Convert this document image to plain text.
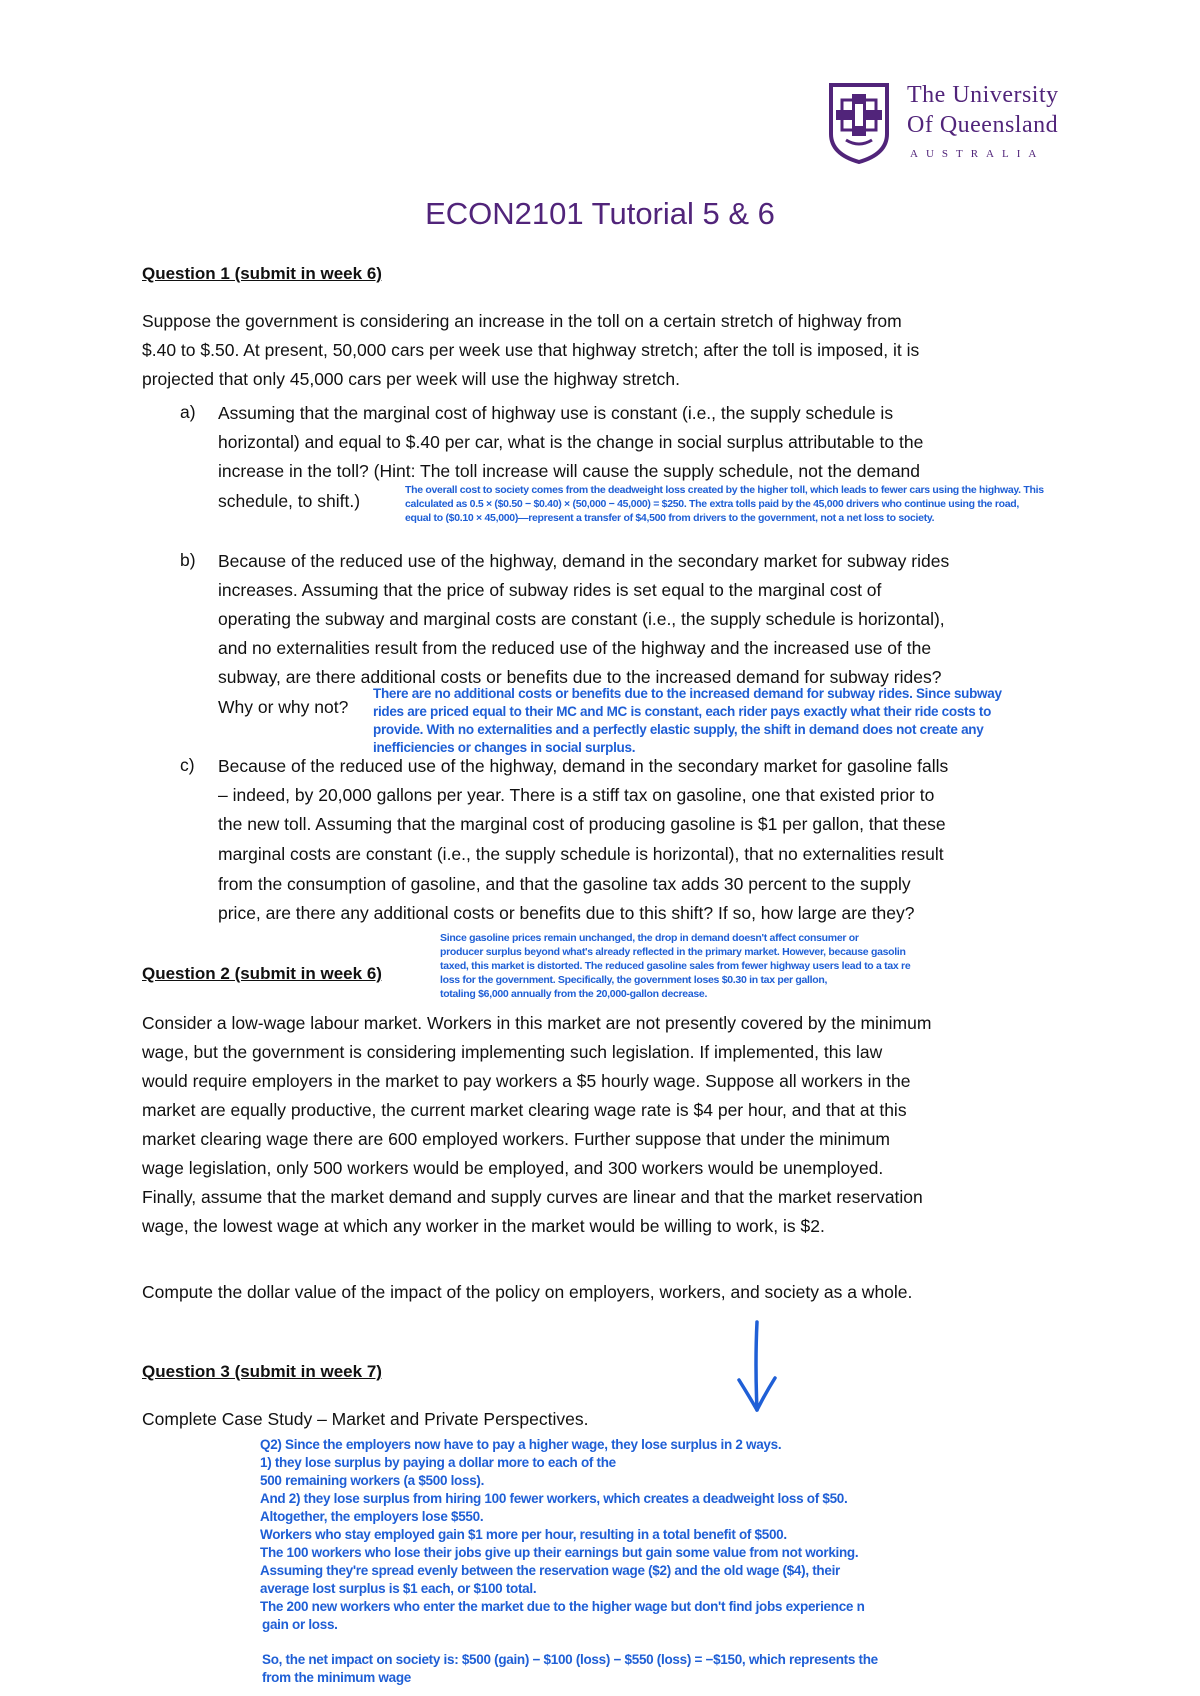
The University
Of Queensland
AUSTRALIA
ECON2101 Tutorial 5 & 6
Question 1 (submit in week 6)
Suppose the government is considering an increase in the toll on a certain stretch of highway from
$.40 to $.50. At present, 50,000 cars per week use that highway stretch; after the toll is imposed, it is
projected that only 45,000 cars per week will use the highway stretch.
a) Assuming that the marginal cost of highway use is constant (i.e., the supply schedule is
horizontal) and equal to $.40 per car, what is the change in social surplus attributable to the
increase in the toll? (Hint: The toll increase will cause the supply schedule, not the demand
schedule, to shift.)
The overall cost to society comes from the deadweight loss created by the higher toll, which leads to fewer cars using the highway. This
calculated as 0.5 × ($0.50 − $0.40) × (50,000 − 45,000) = $250. The extra tolls paid by the 45,000 drivers who continue using the road,
equal to ($0.10 × 45,000)—represent a transfer of $4,500 from drivers to the government, not a net loss to society.
b) Because of the reduced use of the highway, demand in the secondary market for subway rides
increases. Assuming that the price of subway rides is set equal to the marginal cost of
operating the subway and marginal costs are constant (i.e., the supply schedule is horizontal),
and no externalities result from the reduced use of the highway and the increased use of the
subway, are there additional costs or benefits due to the increased demand for subway rides?
Why or why not?
There are no additional costs or benefits due to the increased demand for subway rides. Since subway
rides are priced equal to their MC and MC is constant, each rider pays exactly what their ride costs to
provide. With no externalities and a perfectly elastic supply, the shift in demand does not create any
inefficiencies or changes in social surplus.
c) Because of the reduced use of the highway, demand in the secondary market for gasoline falls
– indeed, by 20,000 gallons per year. There is a stiff tax on gasoline, one that existed prior to
the new toll. Assuming that the marginal cost of producing gasoline is $1 per gallon, that these
marginal costs are constant (i.e., the supply schedule is horizontal), that no externalities result
from the consumption of gasoline, and that the gasoline tax adds 30 percent to the supply
price, are there any additional costs or benefits due to this shift? If so, how large are they?
Since gasoline prices remain unchanged, the drop in demand doesn't affect consumer or
producer surplus beyond what's already reflected in the primary market. However, because gasolin
taxed, this market is distorted. The reduced gasoline sales from fewer highway users lead to a tax re
loss for the government. Specifically, the government loses $0.30 in tax per gallon,
totaling $6,000 annually from the 20,000-gallon decrease.
Question 2 (submit in week 6)
Consider a low-wage labour market. Workers in this market are not presently covered by the minimum
wage, but the government is considering implementing such legislation. If implemented, this law
would require employers in the market to pay workers a $5 hourly wage. Suppose all workers in the
market are equally productive, the current market clearing wage rate is $4 per hour, and that at this
market clearing wage there are 600 employed workers. Further suppose that under the minimum
wage legislation, only 500 workers would be employed, and 300 workers would be unemployed.
Finally, assume that the market demand and supply curves are linear and that the market reservation
wage, the lowest wage at which any worker in the market would be willing to work, is $2.
Compute the dollar value of the impact of the policy on employers, workers, and society as a whole.
Question 3 (submit in week 7)
Complete Case Study – Market and Private Perspectives.
Q2) Since the employers now have to pay a higher wage, they lose surplus in 2 ways.
1) they lose surplus by paying a dollar more to each of the
500 remaining workers (a $500 loss).
And 2) they lose surplus from hiring 100 fewer workers, which creates a deadweight loss of $50.
Altogether, the employers lose $550.
Workers who stay employed gain $1 more per hour, resulting in a total benefit of $500.
The 100 workers who lose their jobs give up their earnings but gain some value from not working.
Assuming they're spread evenly between the reservation wage ($2) and the old wage ($4), their
average lost surplus is $1 each, or $100 total.
The 200 new workers who enter the market due to the higher wage but don't find jobs experience n
gain or loss.
So, the net impact on society is: $500 (gain) − $100 (loss) − $550 (loss) = −$150, which represents the
from the minimum wage
